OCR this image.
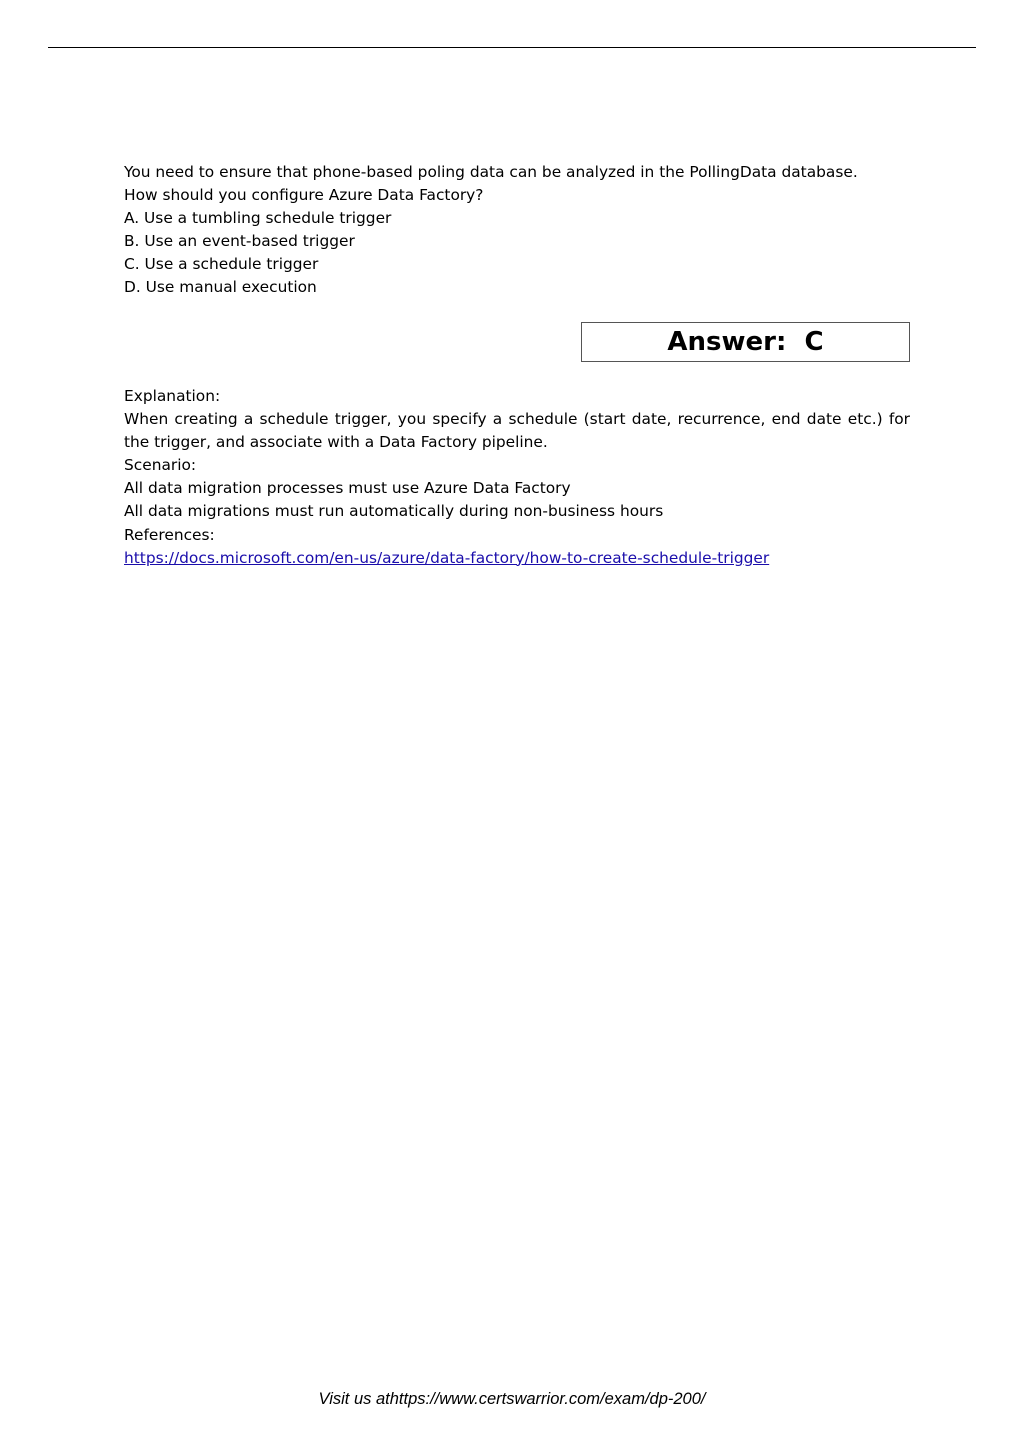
You need to ensure that phone-based poling data can be analyzed in the PollingData database.
How should you configure Azure Data Factory?
A. Use a tumbling schedule trigger
B. Use an event-based trigger
C. Use a schedule trigger
D. Use manual execution
Answer:  C
Explanation:
When creating a schedule trigger, you specify a schedule (start date, recurrence, end date etc.) for the trigger, and associate with a Data Factory pipeline.
Scenario:
All data migration processes must use Azure Data Factory
All data migrations must run automatically during non-business hours
References:
https://docs.microsoft.com/en-us/azure/data-factory/how-to-create-schedule-trigger
Visit us athttps://www.certswarrior.com/exam/dp-200/
